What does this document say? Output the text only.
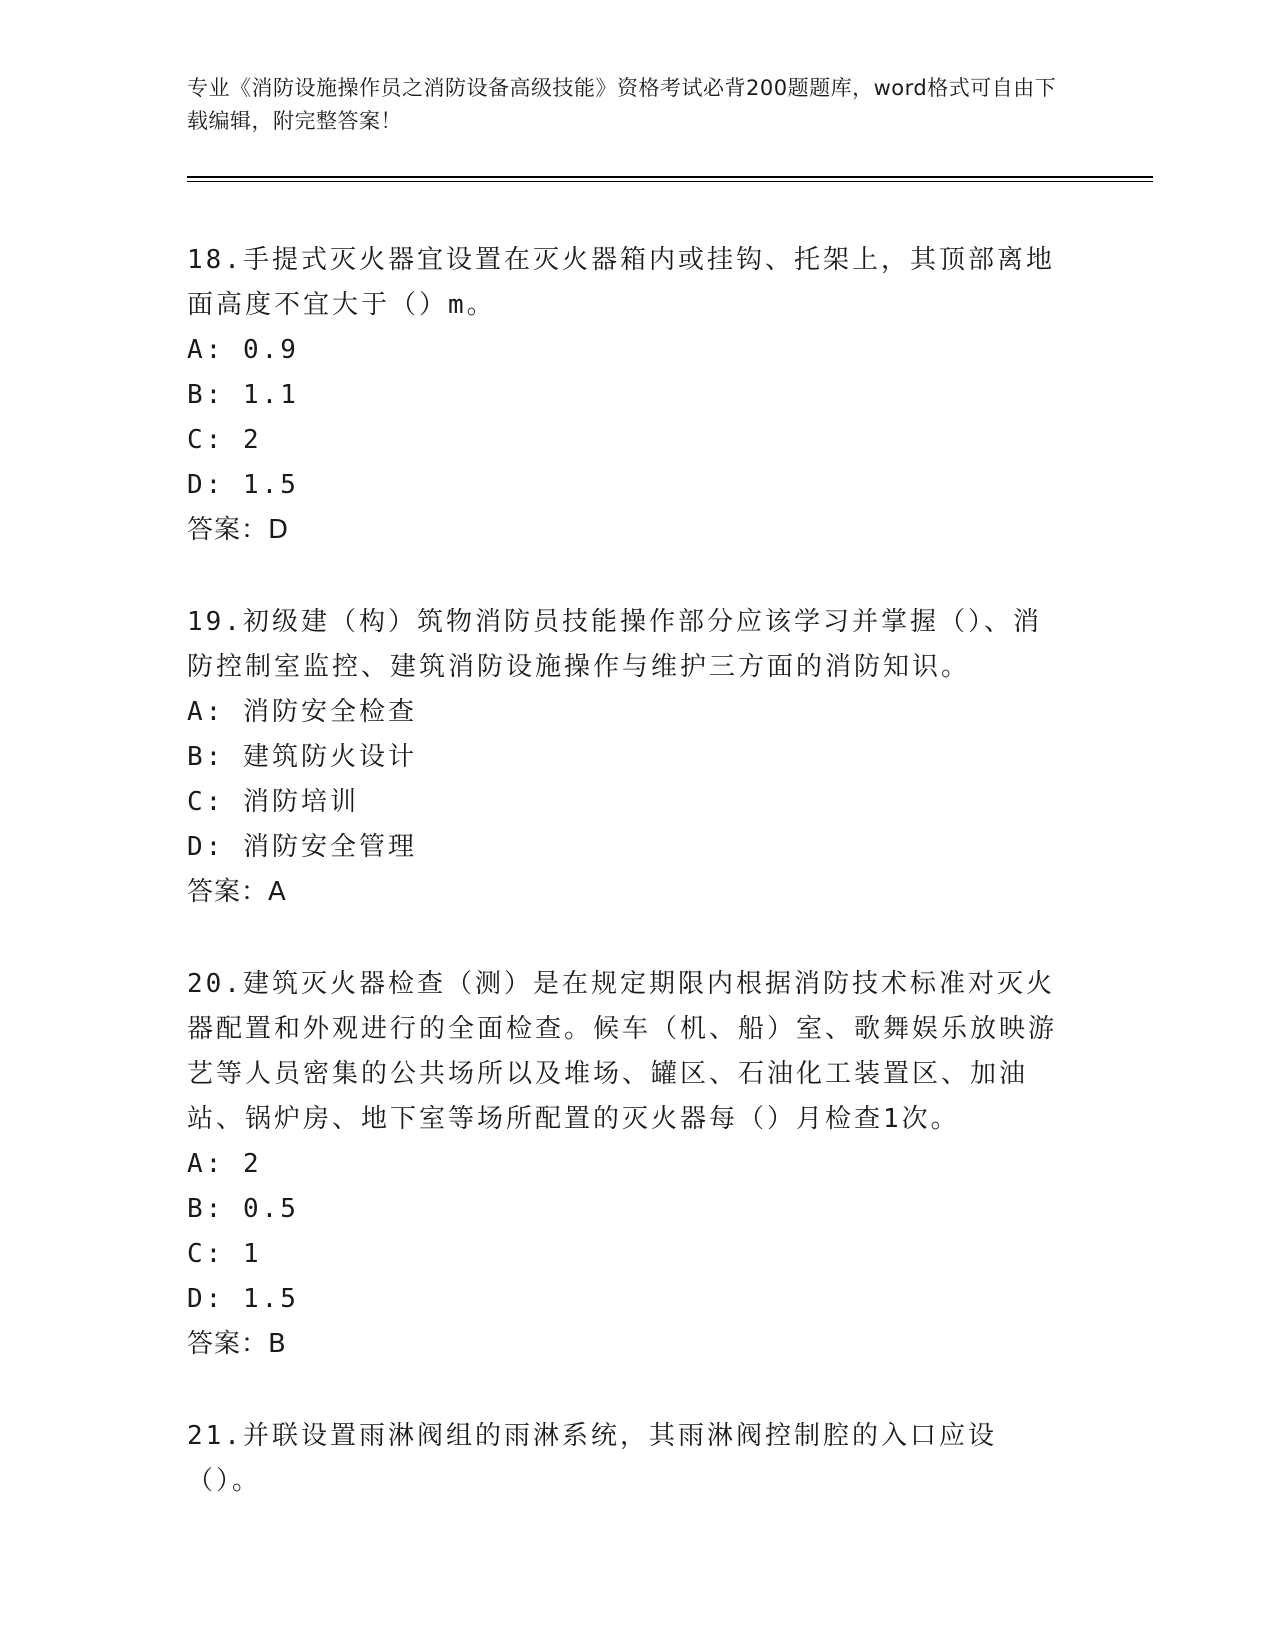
专业《消防设施操作员之消防设备高级技能》资格考试必背200题题库，word格式可自由下载编辑，附完整答案！

18.手提式灭火器宜设置在灭火器箱内或挂钩、托架上，其顶部离地面高度不宜大于（）m。

A: 0.9

B: 1.1

C: 2

D: 1.5

答案：D

19.初级建（构）筑物消防员技能操作部分应该学习并掌握（）、消防控制室监控、建筑消防设施操作与维护三方面的消防知识。

A: 消防安全检查

B: 建筑防火设计

C: 消防培训

D: 消防安全管理

答案：A

20.建筑灭火器检查（测）是在规定期限内根据消防技术标准对灭火器配置和外观进行的全面检查。候车（机、船）室、歌舞娱乐放映游艺等人员密集的公共场所以及堆场、罐区、石油化工装置区、加油站、锅炉房、地下室等场所配置的灭火器每（）月检查1次。

A: 2

B: 0.5

C: 1

D: 1.5

答案：B

21.并联设置雨淋阀组的雨淋系统，其雨淋阀控制腔的入口应设（）。
